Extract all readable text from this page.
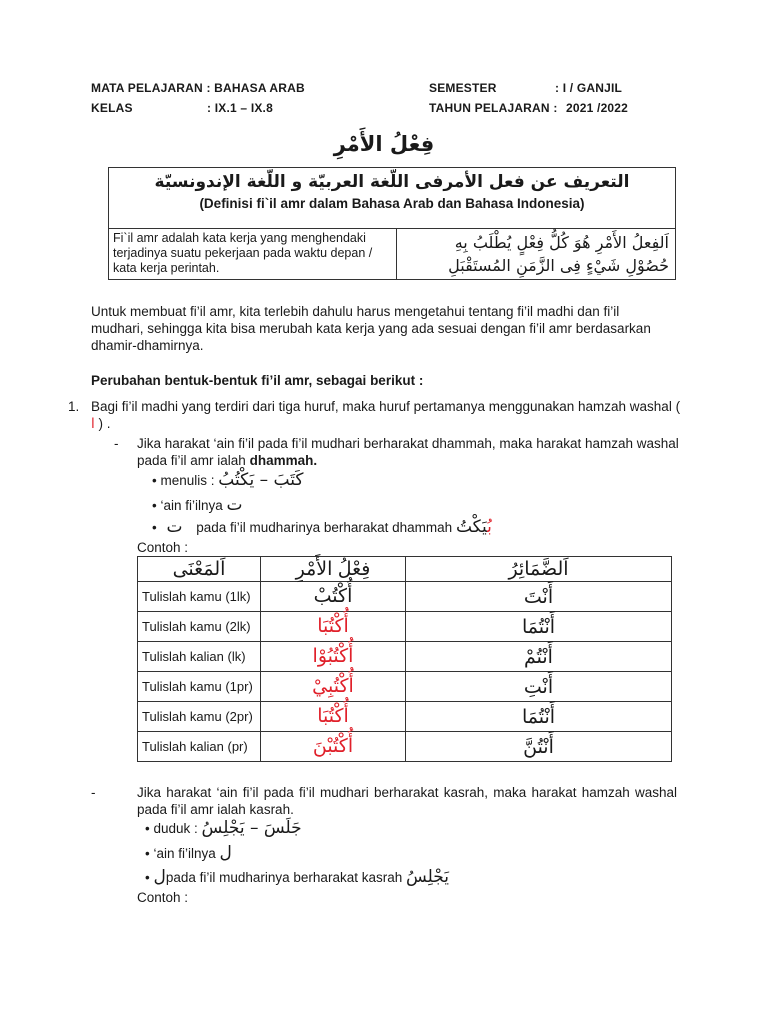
MATA PELAJARAN : BAHASA ARAB
KELAS	: IX.1 – IX.8
SEMESTER	: I / GANJIL
TAHUN PELAJARAN : 2021 /2022
فِعْلُ الأَمْرِ
التعريف عن فعل الأمرفى اللّغة العربيّة و اللّغة الإندونسيّة
(Definisi fi`il amr dalam Bahasa Arab dan Bahasa Indonesia)

Fi`il amr adalah kata kerja yang menghendaki terjadinya suatu pekerjaan pada waktu depan / kata kerja perintah.

اَلفِعلُ الأَمْرِ هُوَ كُلُّ فِعْلٍ يُطْلَبُ بِهِ
حُصُوْلِ شَيْءٍ فِى الزَّمَنِ المُستَقْبَلِ

Untuk membuat fi’il amr, kita terlebih dahulu harus mengetahui tentang fi’il madhi dan fi’il mudhari, sehingga kita bisa merubah kata kerja yang ada sesuai dengan fi’il amr berdasarkan dhamir-dhamirnya.

Perubahan bentuk-bentuk fi’il amr, sebagai berikut :
1. Bagi fi’il madhi yang terdiri dari tiga huruf, maka huruf pertamanya menggunakan hamzah washal ( ا ) .

- Jika harakat ‘ain fi’il pada fi’il mudhari berharakat dhammah, maka harakat hamzah washal pada fi’il amr ialah dhammah.

• menulis : كَتَبَ – يَكْتُبُ
• ‘ain fi’ilnya ت
• ت pada fi’il mudharinya berharakat dhammah بُيَكْتُ
Contoh :
اَلمَعْنَى	فِعْلُ الأَمْرِ	اَلضَّمَائِرُ
Tulislah kamu (1lk)	أُكْتُبْ	أَنْتَ
Tulislah kamu (2lk)	أُكْتُبَا	أَنْتُمَا
Tulislah kalian (lk)	أُكْتُبُوْا	أَنْتُمْ
Tulislah kamu (1pr)	أُكْتُبِيْ	أَنْتِ
Tulislah kamu (2pr)	أُكْتُبَا	أَنْتُمَا
Tulislah kalian (pr)	أُكْتُبْنَ	أَنْتُنَّ
-	Jika harakat ‘ain fi’il pada fi’il mudhari berharakat kasrah, maka harakat hamzah washal pada fi’il amr ialah kasrah.

• duduk : جَلَسَ – يَجْلِسُ
• ‘ain fi’ilnya ل
• لpada fi’il mudharinya berharakat kasrah يَجْلِسُ
Contoh :
